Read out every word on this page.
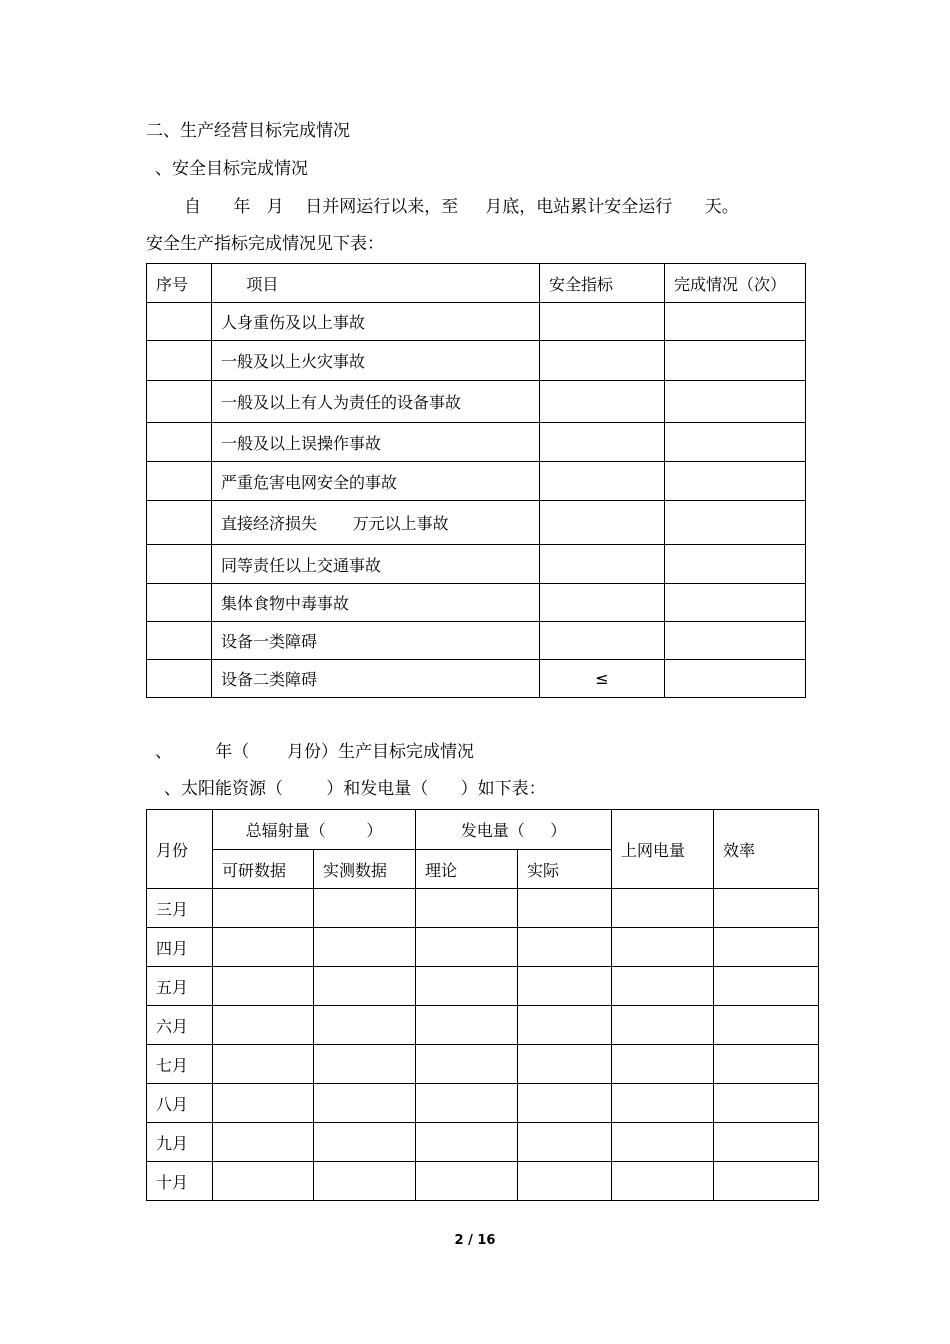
二、生产经营目标完成情况
、安全目标完成情况
自      年   月    日并网运行以来，至     月底，电站累计安全运行      天。
安全生产指标完成情况见下表：
序号	项目	安全指标	完成情况（次）
	人身重伤及以上事故		
	一般及以上火灾事故		
	一般及以上有人为责任的设备事故		
	一般及以上误操作事故		
	严重危害电网安全的事故		
	直接经济损失       万元以上事故		
	同等责任以上交通事故		
	集体食物中毒事故		
	设备一类障碍		
	设备二类障碍	≤	
、        年（       月份）生产目标完成情况
、太阳能资源（        ）和发电量（      ）如下表：
月份	总辐射量（        ）		发电量（     ）		上网电量	效率
	可研数据	实测数据	理论	实际		
三月						
四月						
五月						
六月						
七月						
八月						
九月						
十月						
2 / 16
